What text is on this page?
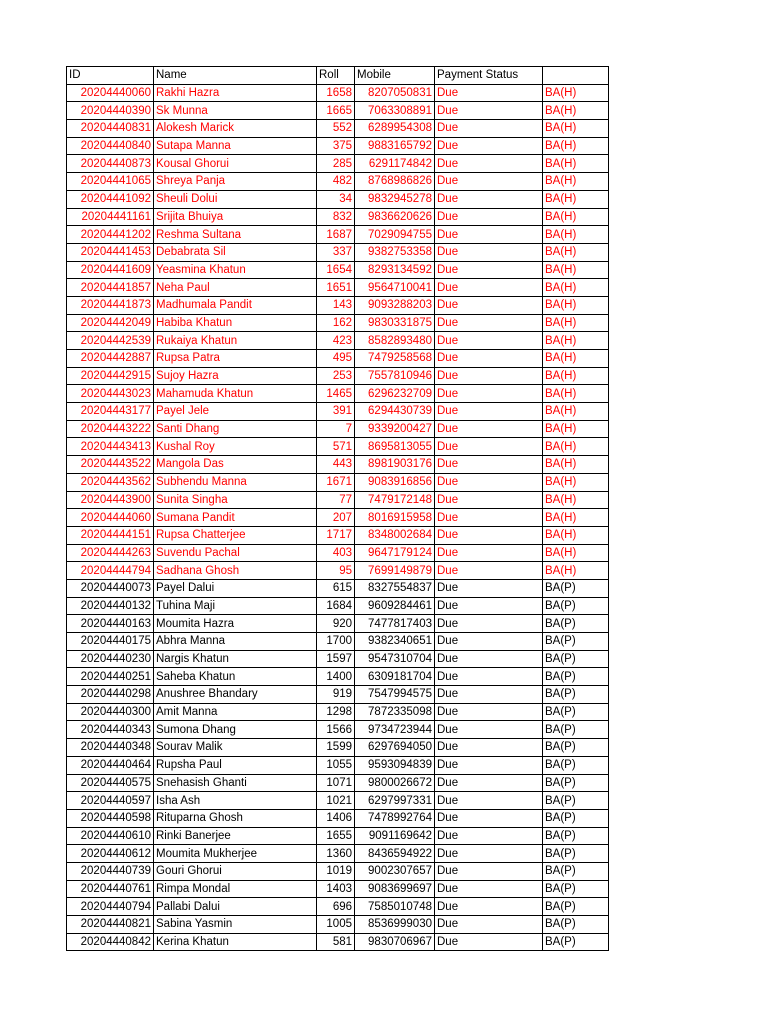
ID	Name	Roll	Mobile	Payment Status	
20204440060	Rakhi Hazra	1658	8207050831	Due	BA(H)
20204440390	Sk Munna	1665	7063308891	Due	BA(H)
20204440831	Alokesh Marick	552	6289954308	Due	BA(H)
20204440840	Sutapa Manna	375	9883165792	Due	BA(H)
20204440873	Kousal Ghorui	285	6291174842	Due	BA(H)
20204441065	Shreya Panja	482	8768986826	Due	BA(H)
20204441092	Sheuli Dolui	34	9832945278	Due	BA(H)
20204441161	Srijita Bhuiya	832	9836620626	Due	BA(H)
20204441202	Reshma Sultana	1687	7029094755	Due	BA(H)
20204441453	Debabrata Sil	337	9382753358	Due	BA(H)
20204441609	Yeasmina Khatun	1654	8293134592	Due	BA(H)
20204441857	Neha Paul	1651	9564710041	Due	BA(H)
20204441873	Madhumala Pandit	143	9093288203	Due	BA(H)
20204442049	Habiba Khatun	162	9830331875	Due	BA(H)
20204442539	Rukaiya Khatun	423	8582893480	Due	BA(H)
20204442887	Rupsa Patra	495	7479258568	Due	BA(H)
20204442915	Sujoy Hazra	253	7557810946	Due	BA(H)
20204443023	Mahamuda Khatun	1465	6296232709	Due	BA(H)
20204443177	Payel Jele	391	6294430739	Due	BA(H)
20204443222	Santi Dhang	7	9339200427	Due	BA(H)
20204443413	Kushal Roy	571	8695813055	Due	BA(H)
20204443522	Mangola Das	443	8981903176	Due	BA(H)
20204443562	Subhendu Manna	1671	9083916856	Due	BA(H)
20204443900	Sunita Singha	77	7479172148	Due	BA(H)
20204444060	Sumana Pandit	207	8016915958	Due	BA(H)
20204444151	Rupsa Chatterjee	1717	8348002684	Due	BA(H)
20204444263	Suvendu Pachal	403	9647179124	Due	BA(H)
20204444794	Sadhana Ghosh	95	7699149879	Due	BA(H)
20204440073	Payel Dalui	615	8327554837	Due	BA(P)
20204440132	Tuhina Maji	1684	9609284461	Due	BA(P)
20204440163	Moumita Hazra	920	7477817403	Due	BA(P)
20204440175	Abhra Manna	1700	9382340651	Due	BA(P)
20204440230	Nargis Khatun	1597	9547310704	Due	BA(P)
20204440251	Saheba Khatun	1400	6309181704	Due	BA(P)
20204440298	Anushree Bhandary	919	7547994575	Due	BA(P)
20204440300	Amit Manna	1298	7872335098	Due	BA(P)
20204440343	Sumona Dhang	1566	9734723944	Due	BA(P)
20204440348	Sourav Malik	1599	6297694050	Due	BA(P)
20204440464	Rupsha Paul	1055	9593094839	Due	BA(P)
20204440575	Snehasish Ghanti	1071	9800026672	Due	BA(P)
20204440597	Isha Ash	1021	6297997331	Due	BA(P)
20204440598	Rituparna Ghosh	1406	7478992764	Due	BA(P)
20204440610	Rinki Banerjee	1655	9091169642	Due	BA(P)
20204440612	Moumita Mukherjee	1360	8436594922	Due	BA(P)
20204440739	Gouri Ghorui	1019	9002307657	Due	BA(P)
20204440761	Rimpa Mondal	1403	9083699697	Due	BA(P)
20204440794	Pallabi Dalui	696	7585010748	Due	BA(P)
20204440821	Sabina Yasmin	1005	8536999030	Due	BA(P)
20204440842	Kerina Khatun	581	9830706967	Due	BA(P)
